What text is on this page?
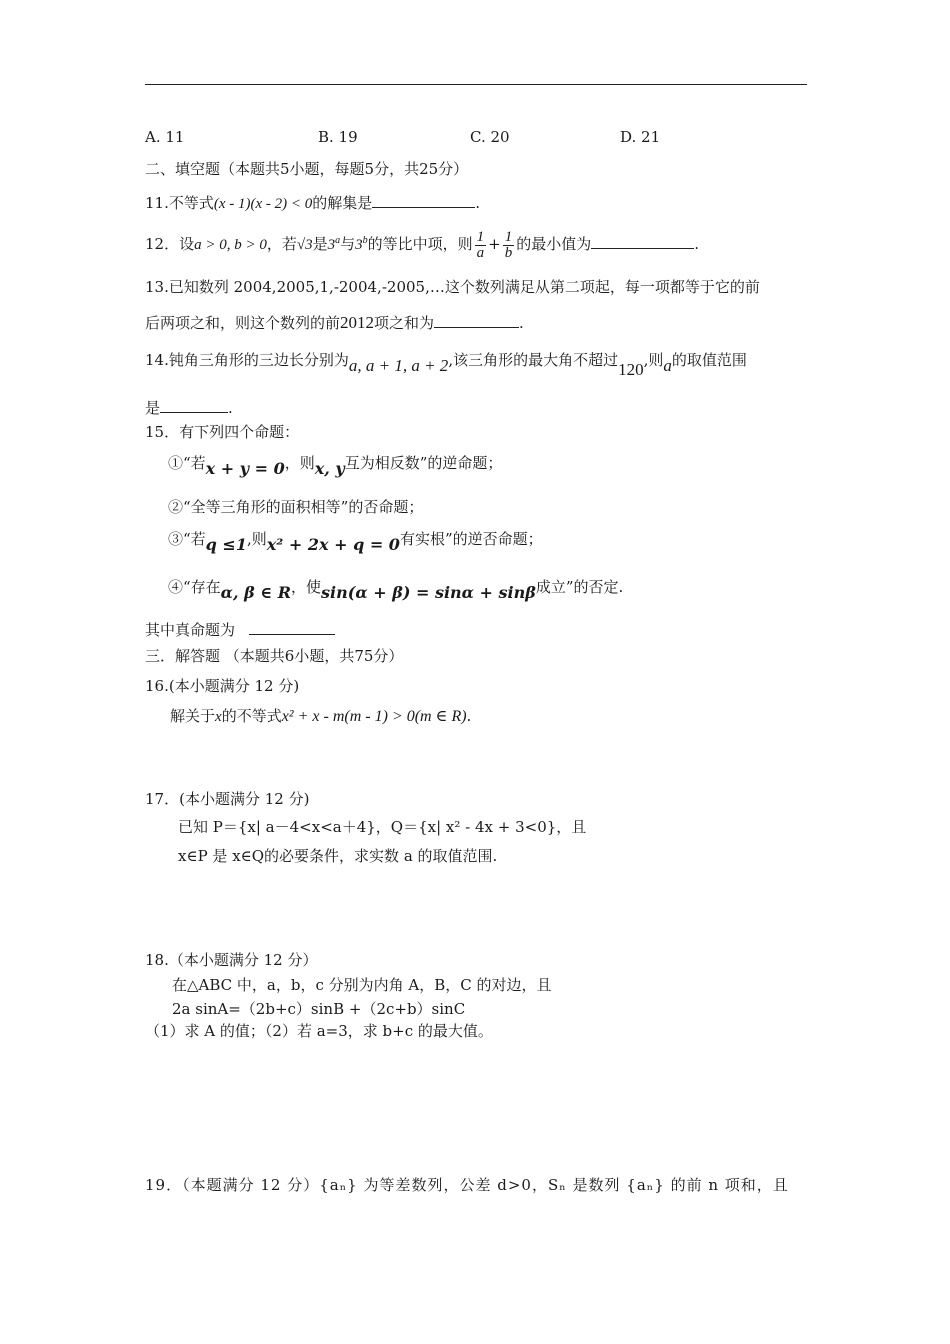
A. 11	B. 19	C. 20	D. 21
二、填空题（本题共5小题，每题5分，共25分）
11.不等式(x - 1)(x - 2) < 0的解集是	.
12．设a > 0, b > 0，若√3是3$^a$与3$^b$的等比中项，则 $\frac{1}{a} + \frac{1}{b}$ 的最小值为	.
13.已知数列 2004,2005,1,-2004,-2005,…这个数列满足从第二项起，每一项都等于它的前
后两项之和，则这个数列的前2012项之和为	.
14.钝角三角形的三边长分别为a, a + 1, a + 2,该三角形的最大角不超过120,则a的取值范围
是	.
15．有下列四个命题：
①“若x + y = 0，则x, y互为相反数”的逆命题；
②“全等三角形的面积相等”的否命题；
③“若q ≤1,则x² + 2x + q = 0有实根”的逆否命题；
④“存在α, β ∈ R，使sin(α + β) = sinα + sinβ成立”的否定.
其中真命题为
三．解答题 （本题共6小题，共75分）
16.(本小题满分 12 分)
解关于x的不等式x² + x - m(m - 1) > 0(m ∈ R).
17．(本小题满分 12 分)
已知 P＝{x| a－4<x<a＋4}，Q＝{x| x² - 4x + 3<0}，且
x∈P 是 x∈Q的必要条件，求实数 a 的取值范围.
18.（本小题满分 12 分）
在△ABC 中，a，b，c 分别为内角 A，B，C 的对边，且
2a sinA=（2b+c）sinB +（2c+b）sinC
（1）求 A 的值；（2）若 a=3，求 b+c 的最大值。
19．（本题满分 12 分）{aₙ} 为等差数列，公差 d>0，Sₙ 是数列 {aₙ} 的前 n 项和，且
